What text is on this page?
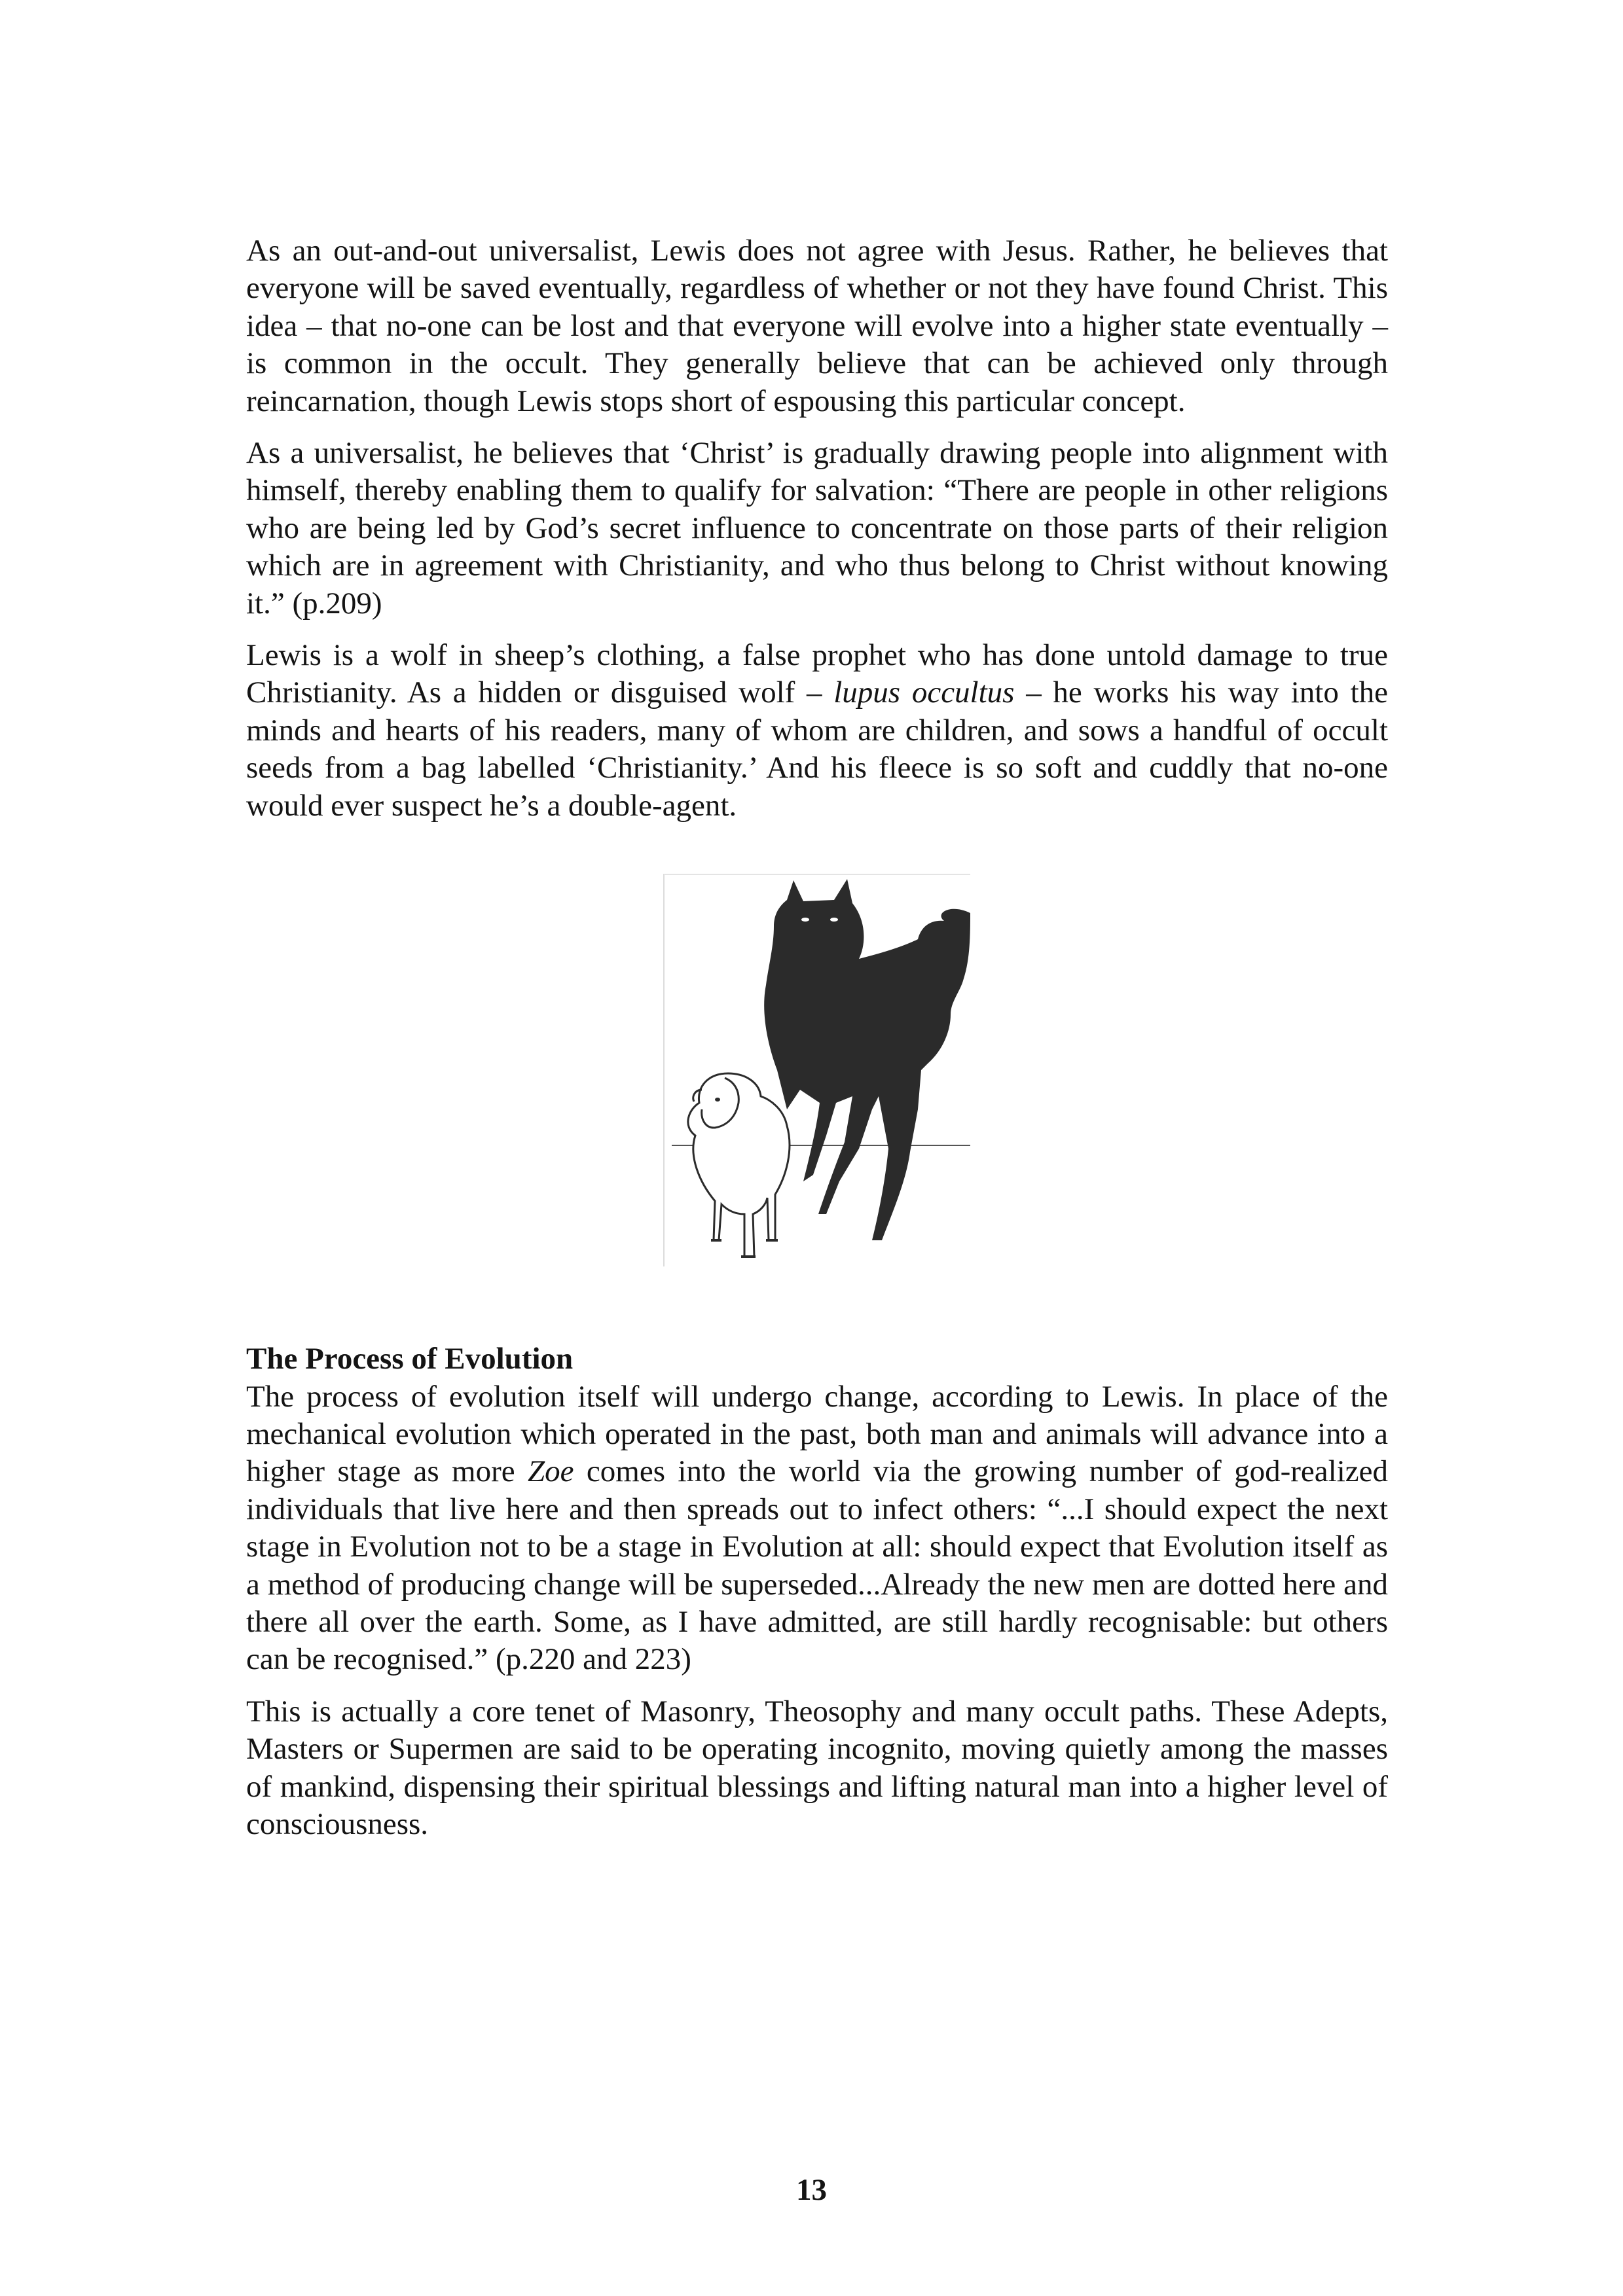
As an out-and-out universalist, Lewis does not agree with Jesus. Rather, he believes that everyone will be saved eventually, regardless of whether or not they have found Christ. This idea – that no-one can be lost and that everyone will evolve into a higher state eventually – is common in the occult. They generally believe that can be achieved only through reincarnation, though Lewis stops short of espousing this particular concept.

As a universalist, he believes that ‘Christ’ is gradually drawing people into alignment with himself, thereby enabling them to qualify for salvation: “There are people in other religions who are being led by God’s secret influence to concentrate on those parts of their religion which are in agreement with Christianity, and who thus belong to Christ without knowing it.” (p.209)

Lewis is a wolf in sheep’s clothing, a false prophet who has done untold damage to true Christianity. As a hidden or disguised wolf – lupus occultus – he works his way into the minds and hearts of his readers, many of whom are children, and sows a handful of occult seeds from a bag labelled ‘Christianity.’ And his fleece is so soft and cuddly that no-one would ever suspect he’s a double-agent.

The Process of Evolution

The process of evolution itself will undergo change, according to Lewis. In place of the mechanical evolution which operated in the past, both man and animals will advance into a higher stage as more Zoe comes into the world via the growing number of god-realized individuals that live here and then spreads out to infect others: “...I should expect the next stage in Evolution not to be a stage in Evolution at all: should expect that Evolution itself as a method of producing change will be superseded...Already the new men are dotted here and there all over the earth. Some, as I have admitted, are still hardly recognisable: but others can be recognised.” (p.220 and 223)

This is actually a core tenet of Masonry, Theosophy and many occult paths. These Adepts, Masters or Supermen are said to be operating incognito, moving quietly among the masses of mankind, dispensing their spiritual blessings and lifting natural man into a higher level of consciousness.

13
